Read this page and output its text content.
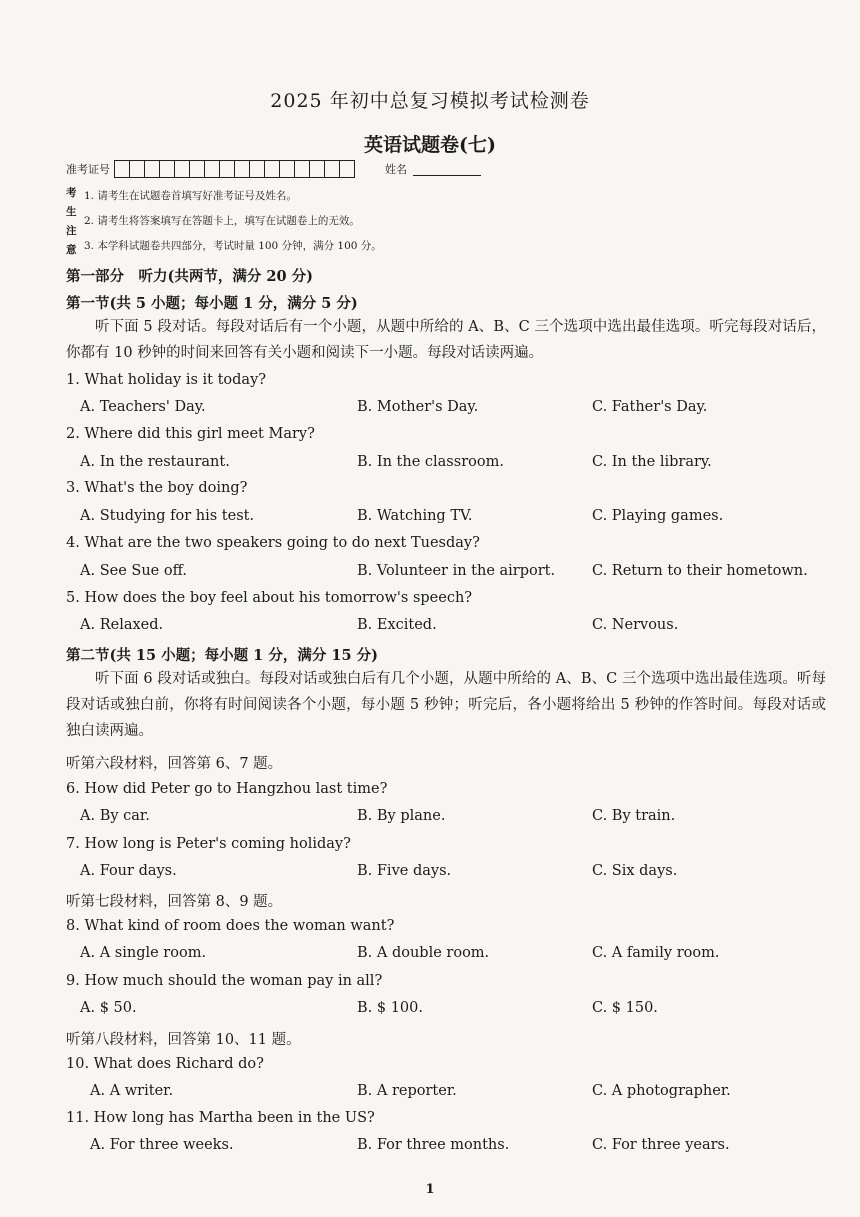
2025 年初中总复习模拟考试检测卷
英语试题卷(七)
准考证号	姓名
考
生
注
意
1. 请考生在试题卷首填写好准考证号及姓名。
2. 请考生将答案填写在答题卡上，填写在试题卷上的无效。
3. 本学科试题卷共四部分，考试时量 100 分钟，满分 100 分。
第一部分　听力(共两节，满分 20 分)
第一节(共 5 小题；每小题 1 分，满分 5 分)
听下面 5 段对话。每段对话后有一个小题，从题中所给的 A、B、C 三个选项中选出最佳选项。听完每段对话后，你都有 10 秒钟的时间来回答有关小题和阅读下一小题。每段对话读两遍。
1. What holiday is it today?
A. Teachers' Day.	B. Mother's Day.	C. Father's Day.
2. Where did this girl meet Mary?
A. In the restaurant.	B. In the classroom.	C. In the library.
3. What's the boy doing?
A. Studying for his test.	B. Watching TV.	C. Playing games.
4. What are the two speakers going to do next Tuesday?
A. See Sue off.	B. Volunteer in the airport.	C. Return to their hometown.
5. How does the boy feel about his tomorrow's speech?
A. Relaxed.	B. Excited.	C. Nervous.
第二节(共 15 小题；每小题 1 分，满分 15 分)
听下面 6 段对话或独白。每段对话或独白后有几个小题，从题中所给的 A、B、C 三个选项中选出最佳选项。听每段对话或独白前，你将有时间阅读各个小题，每小题 5 秒钟；听完后，各小题将给出 5 秒钟的作答时间。每段对话或独白读两遍。
听第六段材料，回答第 6、7 题。
6. How did Peter go to Hangzhou last time?
A. By car.	B. By plane.	C. By train.
7. How long is Peter's coming holiday?
A. Four days.	B. Five days.	C. Six days.
听第七段材料，回答第 8、9 题。
8. What kind of room does the woman want?
A. A single room.	B. A double room.	C. A family room.
9. How much should the woman pay in all?
A. $ 50.	B. $ 100.	C. $ 150.
听第八段材料，回答第 10、11 题。
10. What does Richard do?
A. A writer.	B. A reporter.	C. A photographer.
11. How long has Martha been in the US?
A. For three weeks.	B. For three months.	C. For three years.
1
